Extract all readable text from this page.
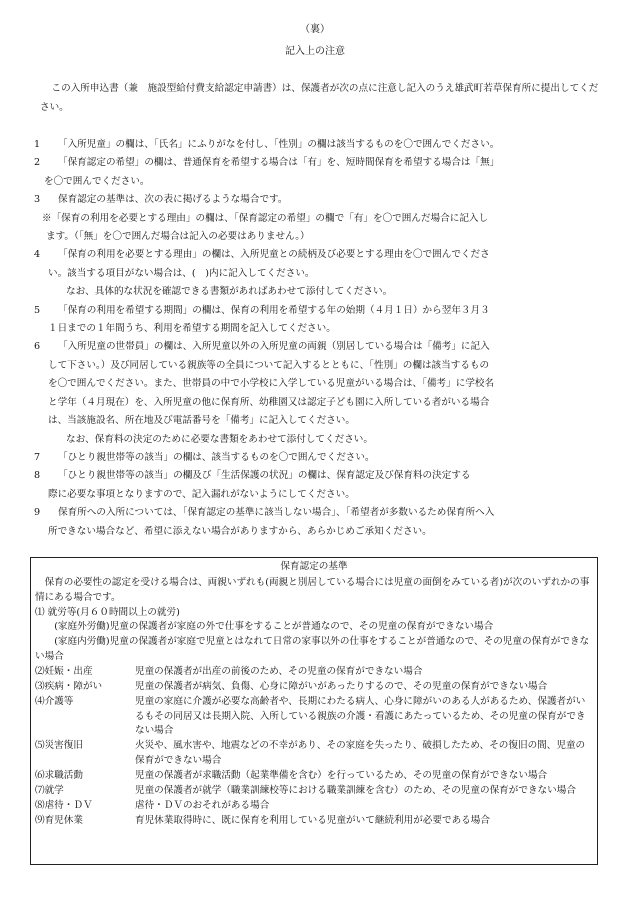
（裏）
記入上の注意
この入所申込書（兼　施設型給付費支給認定申請書）は、保護者が次の点に注意し記入のうえ雄武町若草保育所に提出してください。
1 「入所児童」の欄は、「氏名」にふりがなを付し、「性別」の欄は該当するものを〇で囲んでください。
2 「保育認定の希望」の欄は、普通保育を希望する場合は「有」を、短時間保育を希望する場合は「無」
を〇で囲んでください。
3 保育認定の基準は、次の表に掲げるような場合です。
※「保育の利用を必要とする理由」の欄は、「保育認定の希望」の欄で「有」を〇で囲んだ場合に記入し
ます。（「無」を〇で囲んだ場合は記入の必要はありません。）
4 「保育の利用を必要とする理由」の欄は、入所児童との続柄及び必要とする理由を〇で囲んでくださ
い。該当する項目がない場合は、(　)内に記入してください。
なお、具体的な状況を確認できる書類があればあわせて添付してください。
5 「保育の利用を希望する期間」の欄は、保育の利用を希望する年の始期（４月１日）から翌年３月３
１日までの１年間うち、利用を希望する期間を記入してください。
6 「入所児童の世帯員」の欄は、入所児童以外の入所児童の両親（別居している場合は「備考」に記入
して下さい。）及び同居している親族等の全員について記入するとともに、「性別」の欄は該当するもの
を〇で囲んでください。また、世帯員の中で小学校に入学している児童がいる場合は、「備考」に学校名
と学年（４月現在）を、入所児童の他に保育所、幼稚園又は認定子ども園に入所している者がいる場合
は、当該施設名、所在地及び電話番号を「備考」に記入してください。
なお、保育料の決定のために必要な書類をあわせて添付してください。
7 「ひとり親世帯等の該当」の欄は、該当するものを〇で囲んでください。
8 「ひとり親世帯等の該当」の欄及び「生活保護の状況」の欄は、保育認定及び保育料の決定する
際に必要な事項となりますので、記入漏れがないようにしてください。
9 保育所への入所については、「保育認定の基準に該当しない場合」、「希望者が多数いるため保育所へ入
所できない場合など、希望に添えない場合がありますから、あらかじめご承知ください。
保育認定の基準
保育の必要性の認定を受ける場合は、両親いずれも(両親と別居している場合には児童の面倒をみている者)が次のいずれかの事情にある場合です。
⑴ 就労等(月６０時間以上の就労)
(家庭外労働)児童の保護者が家庭の外で仕事をすることが普通なので、その児童の保育ができない場合
(家庭内労働)児童の保護者が家庭で児童とはなれて日常の家事以外の仕事をすることが普通なので、その児童の保育ができない場合
⑵妊娠・出産	児童の保護者が出産の前後のため、その児童の保育ができない場合
⑶疾病・障がい	児童の保護者が病気、負傷、心身に障がいがあったりするので、その児童の保育ができない場合
⑷介護等	児童の家庭に介護が必要な高齢者や、長期にわたる病人、心身に障がいのある人があるため、保護者がいるもその同居又は長期入院、入所している親族の介護・看護にあたっているため、その児童の保育ができない場合
⑸災害復旧	火災や、風水害や、地震などの不幸があり、その家庭を失ったり、破損したため、その復旧の間、児童の保育ができない場合
⑹求職活動	児童の保護者が求職活動（起業準備を含む）を行っているため、その児童の保育ができない場合
⑺就学	児童の保護者が就学（職業訓練校等における職業訓練を含む）のため、その児童の保育ができない場合
⑻虐待・ＤＶ	虐待・ＤＶのおそれがある場合
⑼育児休業	育児休業取得時に、既に保育を利用している児童がいて継続利用が必要である場合
